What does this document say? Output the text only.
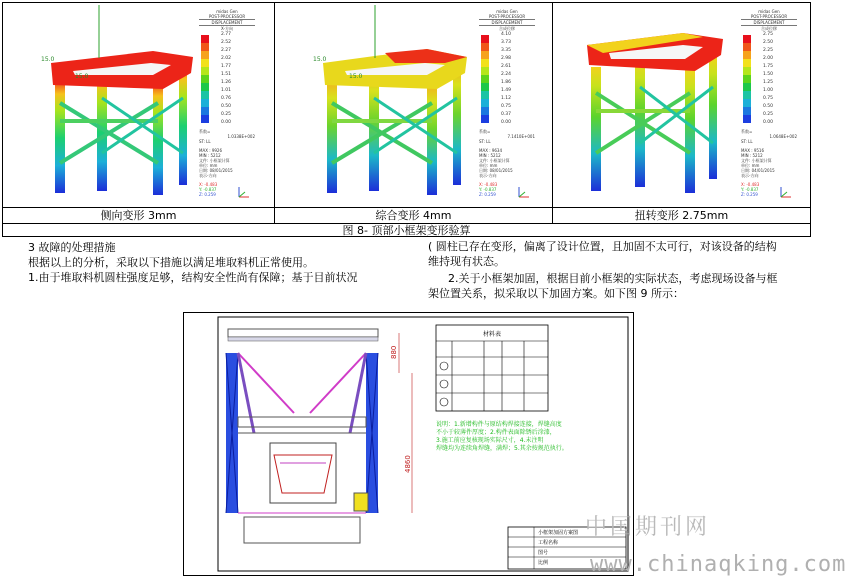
15.0
15.0
midas Gen
POST-PROCESSOR
DISPLACEMENT
X-方向
2.77
2.52
2.27
2.02
1.77
1.51
1.26
1.01
0.76
0.50
0.25
0.00
系数=
1.0338E+002
ST: LL
MAX : 9926
MIN : 5212
文件: 小框架计算
单位: mm
日期: 08/01/2015
表示-方向
X: -0.483
Y: -0.837
Z: 0.259
15.0
15.0
midas Gen
POST-PROCESSOR
DISPLACEMENT
合成位移
4.10
3.73
3.35
2.98
2.61
2.24
1.86
1.49
1.12
0.75
0.37
0.00
系数=
7.1410E+001
ST: LL
MAX : 9634
MIN : 5212
文件: 小框架计算
单位: mm
日期: 08/01/2015
表示-方向
X: -0.483
Y: -0.837
Z: 0.259
midas Gen
POST-PROCESSOR
DISPLACEMENT
合成位移
2.75
2.50
2.25
2.00
1.75
1.50
1.25
1.00
0.75
0.50
0.25
0.00
系数=
1.0648E+002
ST: LL
MAX : 9516
MIN : 5212
文件: 小框架计算
单位: mm
日期: 04/01/2015
表示-方向
X: -0.483
Y: -0.837
Z: 0.259
侧向变形 3mm	综合变形 4mm	扭转变形 2.75mm
图 8- 顶部小框架变形验算
3 故障的处理措施
根据以上的分析，采取以下措施以满足堆取料机正常使用。
1.由于堆取料机圆柱强度足够，结构安全性尚有保障；基于目前状况
( 圆柱已存在变形，偏离了设计位置，且加固不太可行，对该设备的结构
维持现有状态。
2.关于小框架加固，根据目前小框架的实际状态，考虑现场设备与框
架位置关系，拟采取以下加固方案。如下图 9 所示：
880
4860
材料表
小框架加固方案图
工程名称
图号
比例
说明：1.新增构件与原结构焊接连接，焊缝高度
不小于较薄件厚度；2.构件表面除锈后涂漆，
3.施工前应复核现场实际尺寸，4.未注明
焊缝均为连续角焊缝，满焊；5.其余按规范执行。
中国期刊网
www.chinaqking.com
